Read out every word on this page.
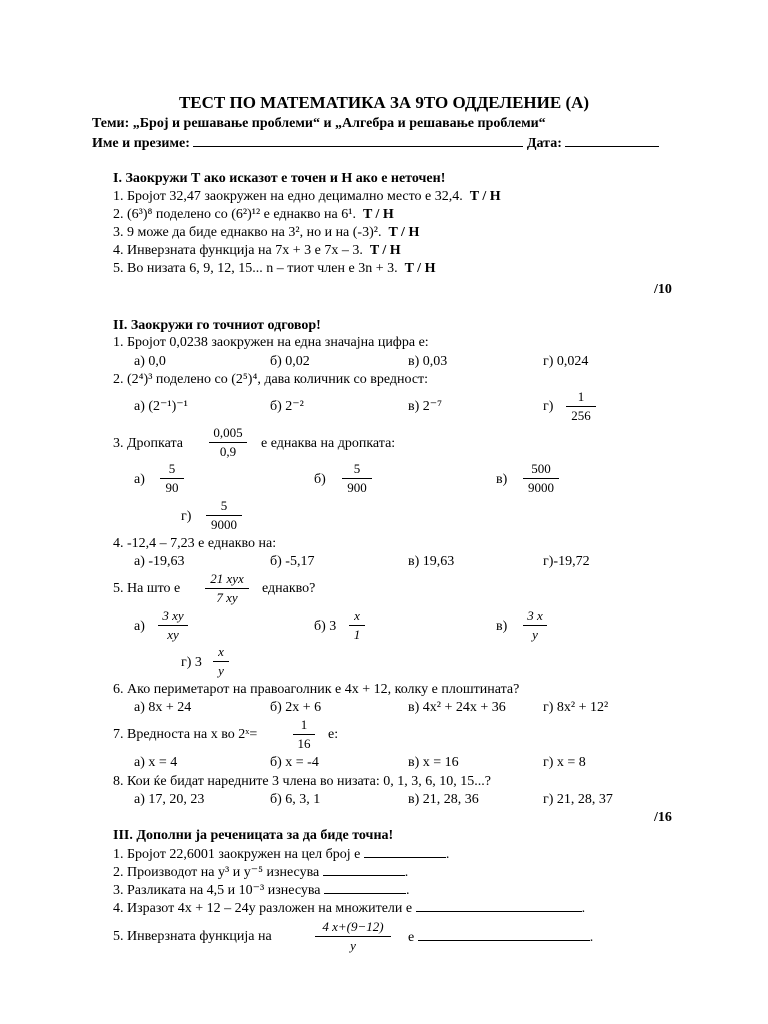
ТЕСТ ПО МАТЕМАТИКА ЗА 9ТО ОДДЕЛЕНИЕ (А)
Теми: „Број и решавање проблеми“ и „Алгебра и решавање проблеми“
Име и презиме:	Дата:
I. Заокружи Т ако исказот е точен и Н ако е неточен!
1. Бројот 32,47 заокружен на едно децимално место е 32,4. T / Н
2. (6³)⁸ поделено со (6²)¹² е еднакво на 6¹. T / Н
3. 9 може да биде еднакво на 3², но и на (-3)². T / Н
4. Инверзната функција на 7x + 3 е 7x – 3. T / Н
5. Во низата 6, 9, 12, 15... n – тиот член е 3n + 3. T / Н
/10
II. Заокружи го точниот одговор!
1. Бројот 0,0238 заокружен на една значајна цифра е:
а) 0,0	б) 0,02	в) 0,03	г) 0,024
2. (2⁴)³ поделено со (2⁵)⁴, дава количник со вредност:
а) (2⁻¹)⁻¹	б) 2⁻²	в) 2⁻⁷	$г) \frac{1}{256}$
3. Дропката $\frac{0,005}{0,9}$ е еднаква на дропката:
$а) \frac{5}{90}$	$б) \frac{5}{900}$	$в) \frac{500}{9000}$
$г) \frac{5}{9000}$
4. -12,4 – 7,23 е еднакво на:
а) -19,63	б) -5,17	в) 19,63	г)-19,72
5. На што е
21 xyx
7 xy
еднакво?
$а) \frac{3 xy}{xy}$	б) $3 \frac{x}{1}$	$в) \frac{3 x}{y}$
г) $3 \frac{x}{y}$
6. Ако периметарот на правоаголник е 4x + 12, колку е плоштината?
а) 8x + 24	б) 2x + 6	в) 4x² + 24x + 36	г) 8x² + 12²
7. Вредноста на x во 2ˣ=	$\frac{1}{16} е$:
а) x = 4	б) x = -4	в) x = 16	г) x = 8
8. Кои ќе бидат наредните 3 члена во низата: 0, 1, 3, 6, 10, 15...?
а) 17, 20, 23	б) 6, 3, 1	в) 21, 28, 36	г) 21, 28, 37
/16
III. Дополни ја реченицата за да биде точна!
1. Бројот 22,6001 заокружен на цел број е	.
2. Производот на y³ и y⁻⁵ изнесува	.
3. Разликата на 4,5 и 10⁻³ изнесува	.
4. Изразот 4x + 12 – 24y разложен на множители е	.
5. Инверзната функција на	$\frac{4 x+(9-12)}{y}$ е	.
